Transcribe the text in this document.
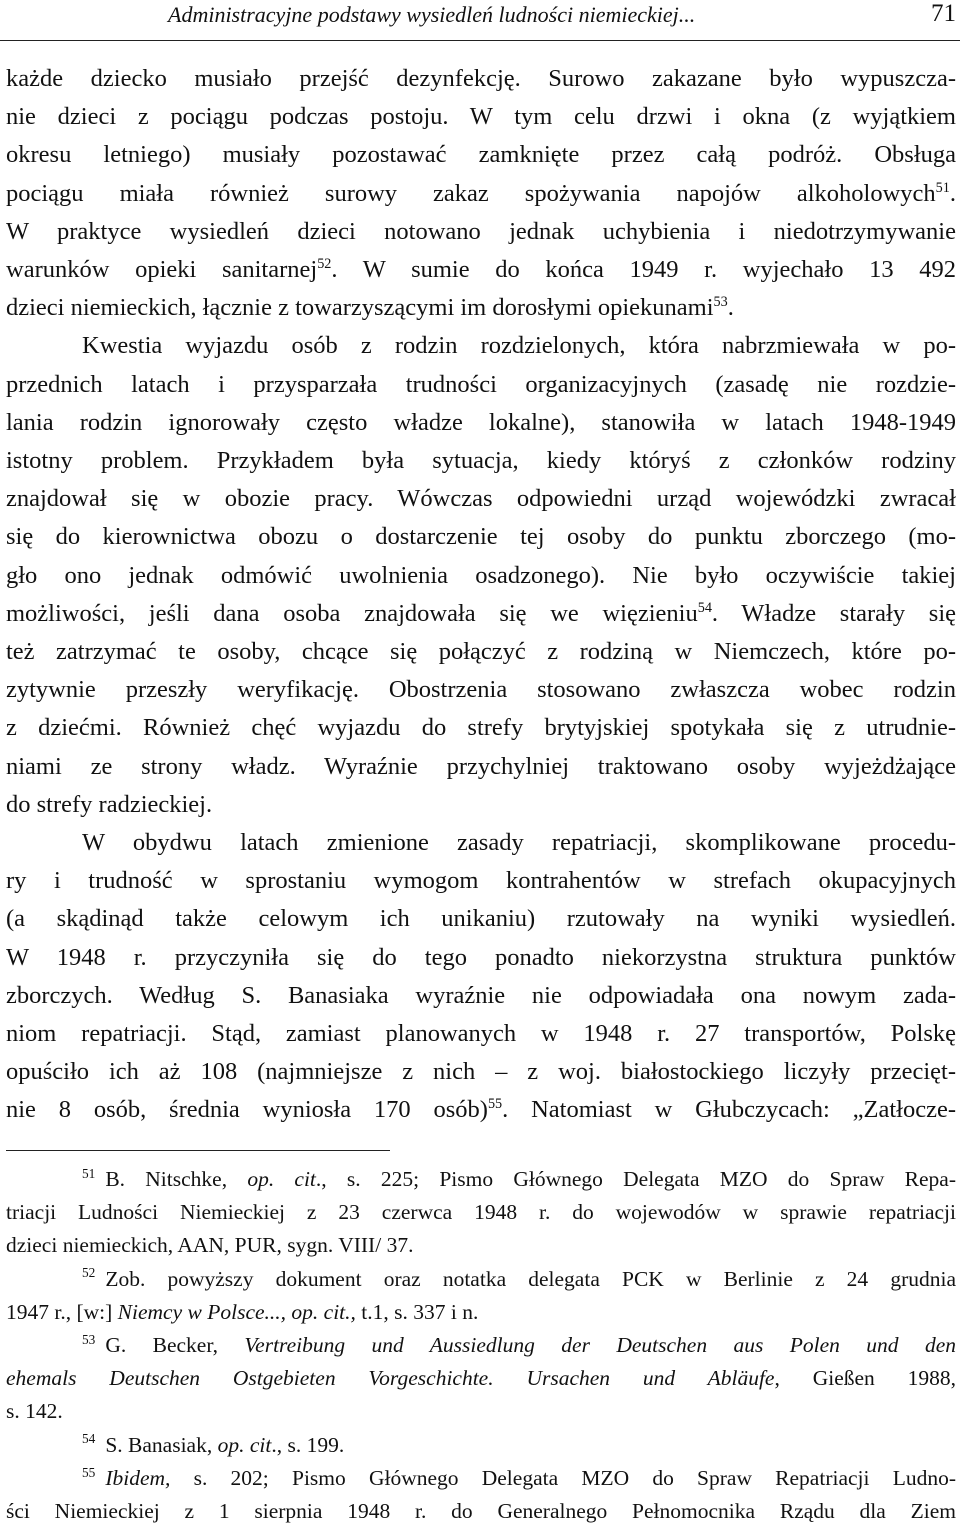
Administracyjne podstawy wysiedleń ludności niemieckiej...	71
każde dziecko musiało przejść dezynfekcję. Surowo zakazane było wypuszcza-
nie dzieci z pociągu podczas postoju. W tym celu drzwi i okna (z wyjątkiem
okresu letniego) musiały pozostawać zamknięte przez całą podróż. Obsługa
pociągu miała również surowy zakaz spożywania napojów alkoholowych$^{51}$.
W praktyce wysiedleń dzieci notowano jednak uchybienia i niedotrzymywanie
warunków opieki sanitarnej$^{52}$. W sumie do końca 1949 r. wyjechało 13 492
dzieci niemieckich, łącznie z towarzyszącymi im dorosłymi opiekunami$^{53}$.
Kwestia wyjazdu osób z rodzin rozdzielonych, która nabrzmiewała w po-
przednich latach i przysparzała trudności organizacyjnych (zasadę nie rozdzie-
lania rodzin ignorowały często władze lokalne), stanowiła w latach 1948-1949
istotny problem. Przykładem była sytuacja, kiedy któryś z członków rodziny
znajdował się w obozie pracy. Wówczas odpowiedni urząd wojewódzki zwracał
się do kierownictwa obozu o dostarczenie tej osoby do punktu zborczego (mo-
gło ono jednak odmówić uwolnienia osadzonego). Nie było oczywiście takiej
możliwości, jeśli dana osoba znajdowała się we więzieniu$^{54}$. Władze starały się
też zatrzymać te osoby, chcące się połączyć z rodziną w Niemczech, które po-
zytywnie przeszły weryfikację. Obostrzenia stosowano zwłaszcza wobec rodzin
z dziećmi. Również chęć wyjazdu do strefy brytyjskiej spotykała się z utrudnie-
niami ze strony władz. Wyraźnie przychylniej traktowano osoby wyjeżdżające
do strefy radzieckiej.
W obydwu latach zmienione zasady repatriacji, skomplikowane procedu-
ry i trudność w sprostaniu wymogom kontrahentów w strefach okupacyjnych
(a skądinąd także celowym ich unikaniu) rzutowały na wyniki wysiedleń.
W 1948 r. przyczyniła się do tego ponadto niekorzystna struktura punktów
zborczych. Według S. Banasiaka wyraźnie nie odpowiadała ona nowym zada-
niom repatriacji. Stąd, zamiast planowanych w 1948 r. 27 transportów, Polskę
opuściło ich aż 108 (najmniejsze z nich – z woj. białostockiego liczyły przecięt-
nie 8 osób, średnia wyniosła 170 osób)$^{55}$. Natomiast w Głubczycach: „Zatłocze-
$^{51}$ B. Nitschke, op. cit., s. 225; Pismo Głównego Delegata MZO do Spraw Repa-
triacji Ludności Niemieckiej z 23 czerwca 1948 r. do wojewodów w sprawie repatriacji
dzieci niemieckich, AAN, PUR, sygn. VIII/ 37.
$^{52}$ Zob. powyższy dokument oraz notatka delegata PCK w Berlinie z 24 grudnia
1947 r., [w:] Niemcy w Polsce..., op. cit., t.1, s. 337 i n.
$^{53}$ G. Becker, Vertreibung und Aussiedlung der Deutschen aus Polen und den
ehemals Deutschen Ostgebieten Vorgeschichte. Ursachen und Abläufe, Gießen 1988,
s. 142.
$^{54}$ S. Banasiak, op. cit., s. 199.
$^{55}$ Ibidem, s. 202; Pismo Głównego Delegata MZO do Spraw Repatriacji Ludno-
ści Niemieckiej z 1 sierpnia 1948 r. do Generalnego Pełnomocnika Rządu dla Ziem
